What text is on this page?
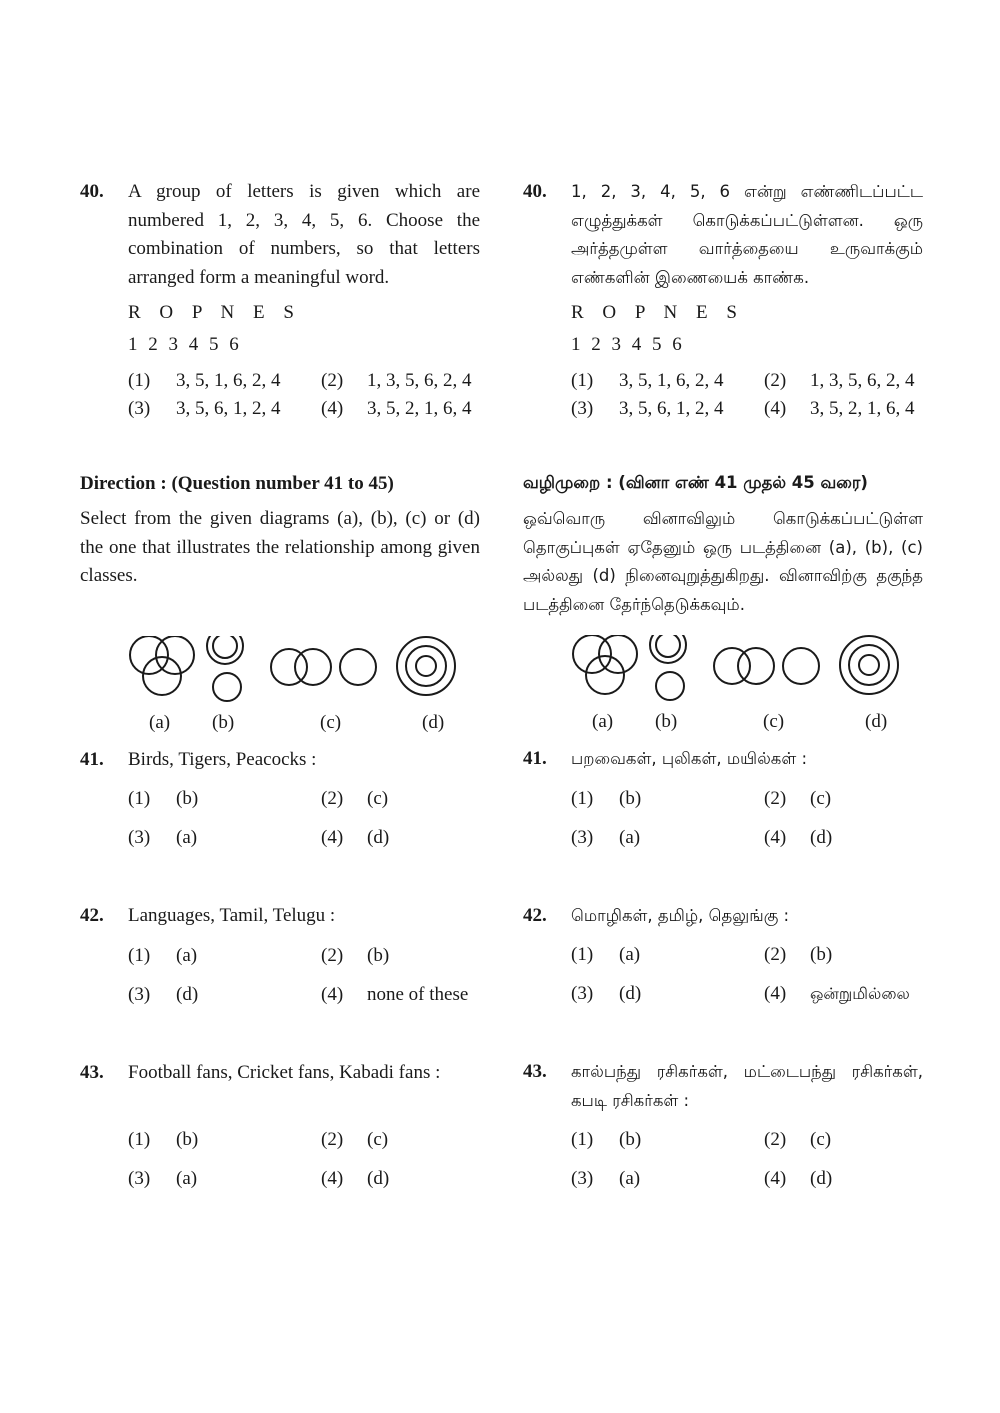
40. A group of letters is given which are numbered 1, 2, 3, 4, 5, 6. Choose the combination of numbers, so that letters arranged form a meaningful word.
R O P N E S
1 2 3 4 5 6
(1)	3, 5, 1, 6, 2, 4	(2)	1, 3, 5, 6, 2, 4
(3)	3, 5, 6, 1, 2, 4	(4)	3, 5, 2, 1, 6, 4
Direction : (Question number 41 to 45)
Select from the given diagrams (a), (b), (c) or (d) the one that illustrates the relationship among given classes.
(a) (b)	(c)	(d)
41. Birds, Tigers, Peacocks :
(1)	(b)	(2)	(c)
(3)	(a)	(4)	(d)
42. Languages, Tamil, Telugu :
(1)	(a)	(2)	(b)
(3)	(d)	(4)	none of these
43. Football fans, Cricket fans, Kabadi fans :
(1)	(b)	(2)	(c)
(3)	(a)	(4)	(d)
40. 1, 2, 3, 4, 5, 6 என்று எண்ணிடப்பட்ட எழுத்துக்கள் கொடுக்கப்பட்டுள்ளன. ஒரு அர்த்தமுள்ள வார்த்தையை உருவாக்கும் எண்களின் இணையைக் காண்க.
R O P N E S
1 2 3 4 5 6
(1)	3, 5, 1, 6, 2, 4	(2)	1, 3, 5, 6, 2, 4
(3)	3, 5, 6, 1, 2, 4	(4)	3, 5, 2, 1, 6, 4
வழிமுறை : (வினா எண் 41 முதல் 45 வரை)
ஒவ்வொரு வினாவிலும் கொடுக்கப்பட்டுள்ள தொகுப்புகள் ஏதேனும் ஒரு படத்தினை (a), (b), (c) அல்லது (d) நினைவுறுத்துகிறது. வினாவிற்கு தகுந்த படத்தினை தேர்ந்தெடுக்கவும்.
(a) (b)	(c)	(d)
41. பறவைகள், புலிகள், மயில்கள் :
(1)	(b)	(2)	(c)
(3)	(a)	(4)	(d)
42. மொழிகள், தமிழ், தெலுங்கு :
(1)	(a)	(2)	(b)
(3)	(d)	(4)	ஒன்றுமில்லை
43. கால்பந்து ரசிகர்கள், மட்டைபந்து ரசிகர்கள், கபடி ரசிகர்கள் :
(1)	(b)	(2)	(c)
(3)	(a)	(4)	(d)
